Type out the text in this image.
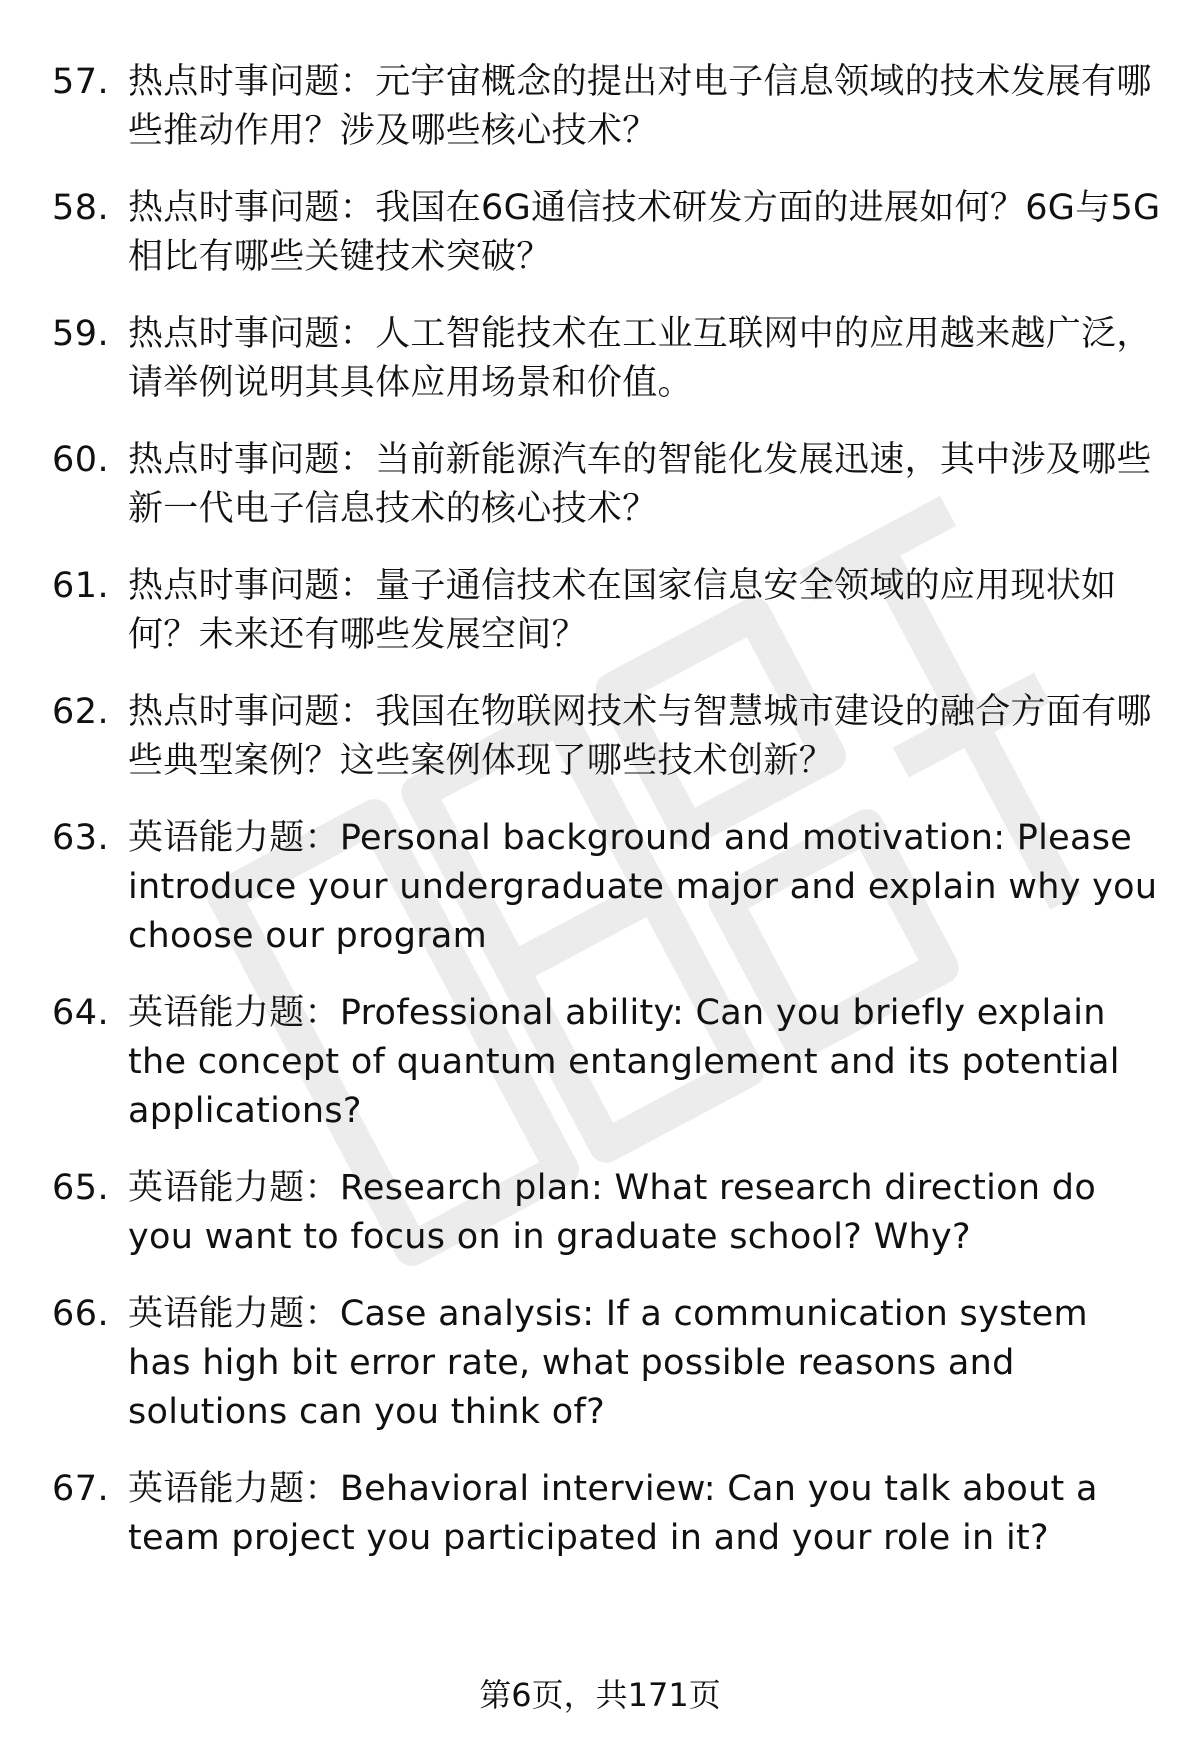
57. 热点时事问题：元宇宙概念的提出对电子信息领域的技术发展有哪些推动作用？涉及哪些核心技术？
58. 热点时事问题：我国在6G通信技术研发方面的进展如何？6G与5G相比有哪些关键技术突破？
59. 热点时事问题：人工智能技术在工业互联网中的应用越来越广泛，请举例说明其具体应用场景和价值。
60. 热点时事问题：当前新能源汽车的智能化发展迅速，其中涉及哪些新一代电子信息技术的核心技术？
61. 热点时事问题：量子通信技术在国家信息安全领域的应用现状如何？未来还有哪些发展空间？
62. 热点时事问题：我国在物联网技术与智慧城市建设的融合方面有哪些典型案例？这些案例体现了哪些技术创新？
63. 英语能力题：Personal background and motivation: Please introduce your undergraduate major and explain why you choose our program
64. 英语能力题：Professional ability: Can you briefly explain the concept of quantum entanglement and its potential applications?
65. 英语能力题：Research plan: What research direction do you want to focus on in graduate school? Why?
66. 英语能力题：Case analysis: If a communication system has high bit error rate, what possible reasons and solutions can you think of?
67. 英语能力题：Behavioral interview: Can you talk about a team project you participated in and your role in it?
第6页，共171页
